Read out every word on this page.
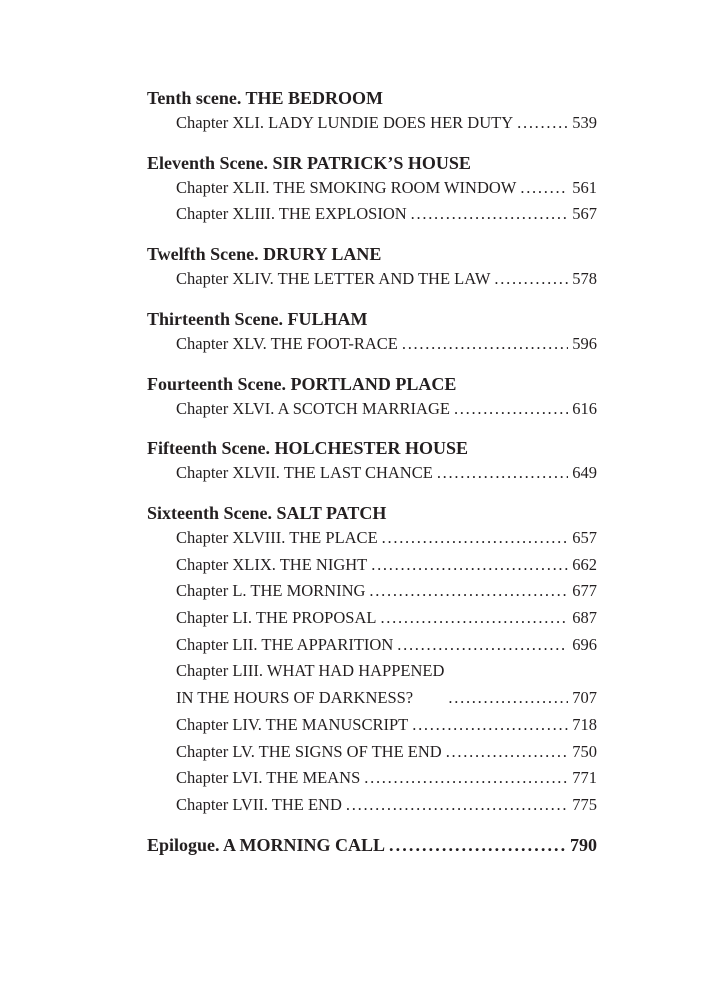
Tenth scene. THE BEDROOM
Chapter XLI. LADY LUNDIE DOES HER DUTY . . .	539
Eleventh Scene. SIR PATRICK’S HOUSE
Chapter XLII. THE SMOKING ROOM WINDOW . . .	561
Chapter XLIII. THE EXPLOSION . . .	567
Twelfth Scene. DRURY LANE
Chapter XLIV. THE LETTER AND THE LAW . . .	578
Thirteenth Scene. FULHAM
Chapter XLV. THE FOOT-RACE . . .	596
Fourteenth Scene. PORTLAND PLACE
Chapter XLVI. A SCOTCH MARRIAGE . . .	616
Fifteenth Scene. HOLCHESTER HOUSE
Chapter XLVII. THE LAST CHANCE . . .	649
Sixteenth Scene. SALT PATCH
Chapter XLVIII. THE PLACE . . .	657
Chapter XLIX. THE NIGHT . . .	662
Chapter L. THE MORNING . . .	677
Chapter LI. THE PROPOSAL . . .	687
Chapter LII. THE APPARITION . . .	696
Chapter LIII. WHAT HAD HAPPENED
IN THE HOURS OF DARKNESS? . . .	707
Chapter LIV. THE MANUSCRIPT . . .	718
Chapter LV. THE SIGNS OF THE END . . .	750
Chapter LVI. THE MEANS . . .	771
Chapter LVII. THE END . . .	775
Epilogue. A MORNING CALL . . .	790
